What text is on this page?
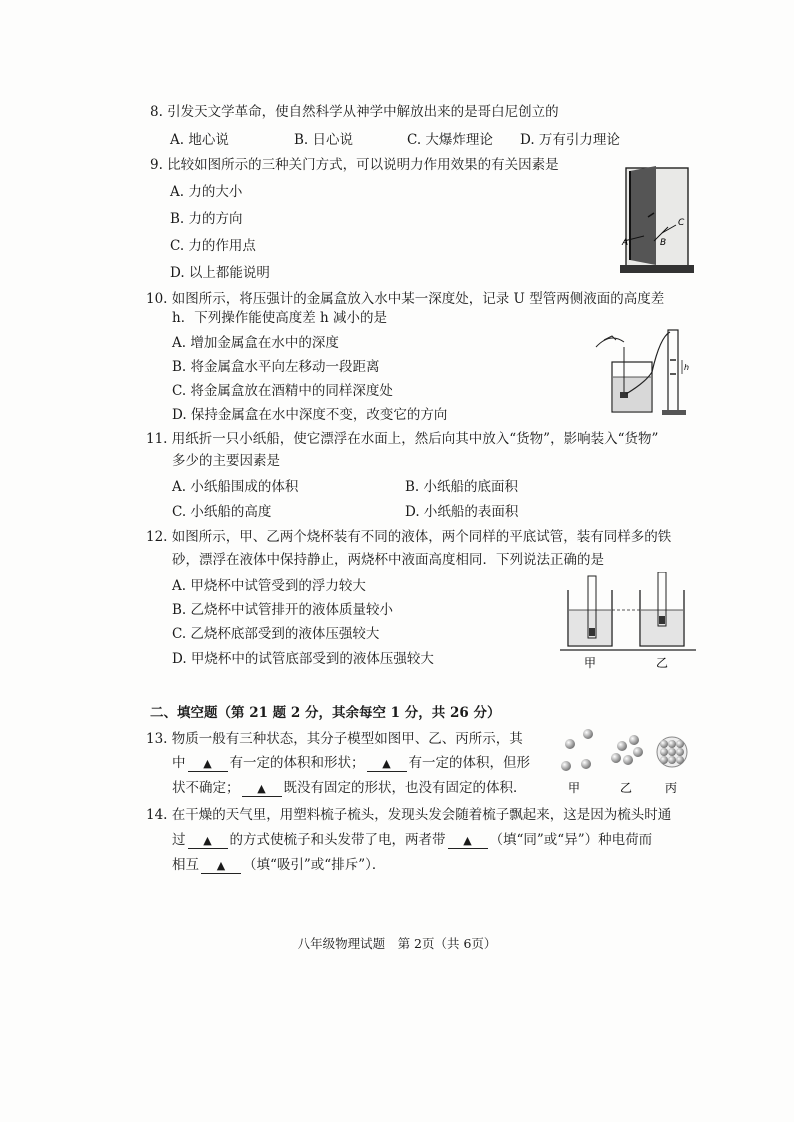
8. 引发天文学革命，使自然科学从神学中解放出来的是哥白尼创立的
A. 地心说	B. 日心说	C. 大爆炸理论 D. 万有引力理论
9. 比较如图所示的三种关门方式，可以说明力作用效果的有关因素是
A. 力的大小
B. 力的方向
C. 力的作用点
D. 以上都能说明
A	B
C
10. 如图所示，将压强计的金属盒放入水中某一深度处，记录 U 型管两侧液面的高度差
h．下列操作能使高度差 h 减小的是
A. 增加金属盒在水中的深度
B. 将金属盒水平向左移动一段距离
C. 将金属盒放在酒精中的同样深度处
D. 保持金属盒在水中深度不变，改变它的方向
h
11. 用纸折一只小纸船，使它漂浮在水面上，然后向其中放入“货物”，影响装入“货物”
多少的主要因素是
A. 小纸船围成的体积	B. 小纸船的底面积
C. 小纸船的高度	D. 小纸船的表面积
12. 如图所示，甲、乙两个烧杯装有不同的液体，两个同样的平底试管，装有同样多的铁
砂，漂浮在液体中保持静止，两烧杯中液面高度相同．下列说法正确的是
A. 甲烧杯中试管受到的浮力较大
B. 乙烧杯中试管排开的液体质量较小
C. 乙烧杯底部受到的液体压强较大
D. 甲烧杯中的试管底部受到的液体压强较大	甲	乙
二、填空题（第 21 题 2 分，其余每空 1 分，共 26 分）
13. 物质一般有三种状态，其分子模型如图甲、乙、丙所示，其
中 ▲ 有一定的体积和形状； ▲ 有一定的体积，但形
状不确定； ▲ 既没有固定的形状，也没有固定的体积．	甲	乙	丙
14. 在干燥的天气里，用塑料梳子梳头，发现头发会随着梳子飘起来，这是因为梳头时通
过 ▲ 的方式使梳子和头发带了电，两者带 ▲ （填“同”或“异”）种电荷而
相互 ▲ （填“吸引”或“排斥”）．
八年级物理试题　第 2页（共 6页）
